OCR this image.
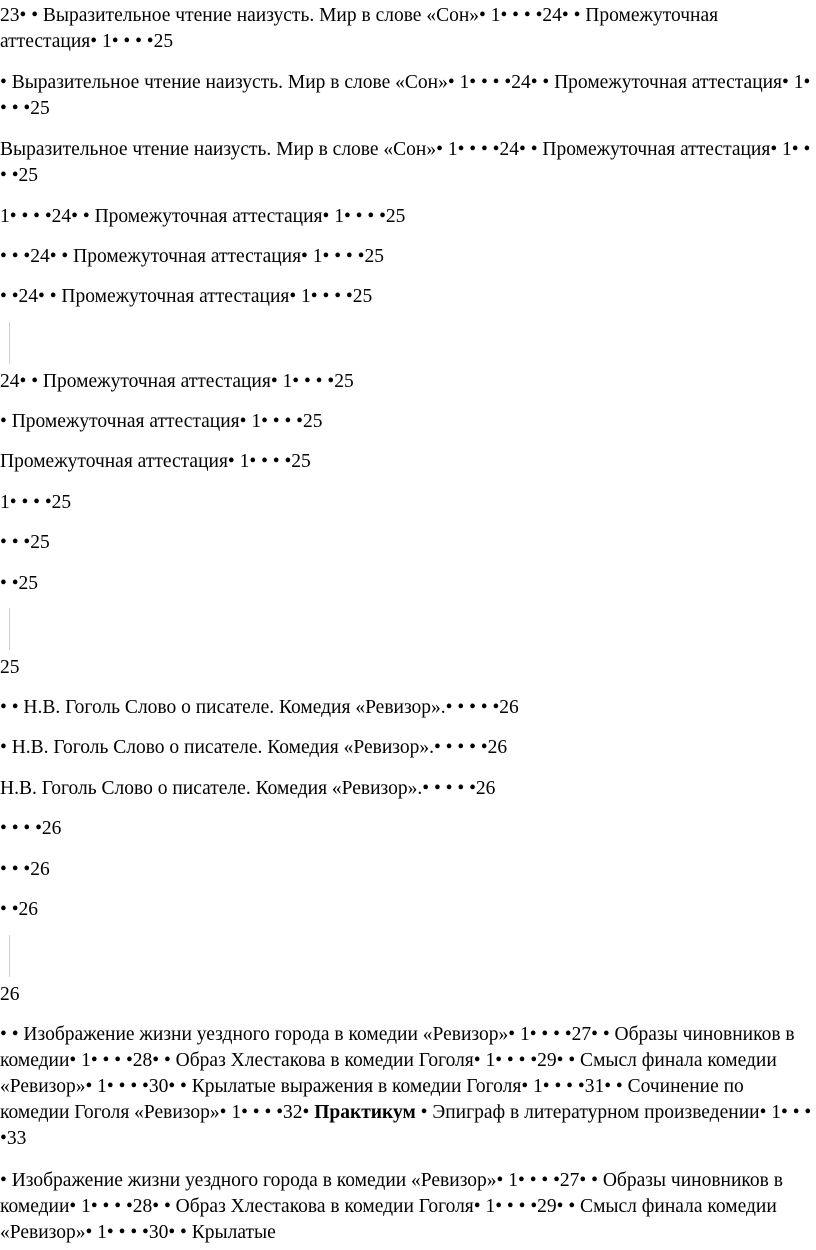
23• • Выразительное чтение наизусть. Мир в слове «Сон»• 1• • • •24• • Промежуточная аттестация• 1• • • •25
• Выразительное чтение наизусть. Мир в слове «Сон»• 1• • • •24• • Промежуточная аттестация• 1• • • •25
Выразительное чтение наизусть. Мир в слове «Сон»• 1• • • •24• • Промежуточная аттестация• 1• • • •25
1• • • •24• • Промежуточная аттестация• 1• • • •25
• • •24• • Промежуточная аттестация• 1• • • •25
• •24• • Промежуточная аттестация• 1• • • •25
24• • Промежуточная аттестация• 1• • • •25
• Промежуточная аттестация• 1• • • •25
Промежуточная аттестация• 1• • • •25
1• • • •25
• • •25
• •25
25
• • Н.В. Гоголь Слово о писателе. Комедия «Ревизор».• • • • •26
• Н.В. Гоголь Слово о писателе. Комедия «Ревизор».• • • • •26
Н.В. Гоголь Слово о писателе. Комедия «Ревизор».• • • • •26
• • • •26
• • •26
• •26
26
• • Изображение жизни уездного города в комедии «Ревизор»• 1• • • •27• • Образы чиновников в комедии• 1• • • •28• • Образ Хлестакова в комедии Гоголя• 1• • • •29• • Смысл финала комедии «Ревизор»• 1• • • •30• • Крылатые выражения в комедии Гоголя• 1• • • •31• • Сочинение по комедии Гоголя «Ревизор»• 1• • • •32• Практикум • Эпиграф в литературном произведении• 1• • • •33
• Изображение жизни уездного города в комедии «Ревизор»• 1• • • •27• • Образы чиновников в комедии• 1• • • •28• • Образ Хлестакова в комедии Гоголя• 1• • • •29• • Смысл финала комедии «Ревизор»• 1• • • •30• • Крылатые
